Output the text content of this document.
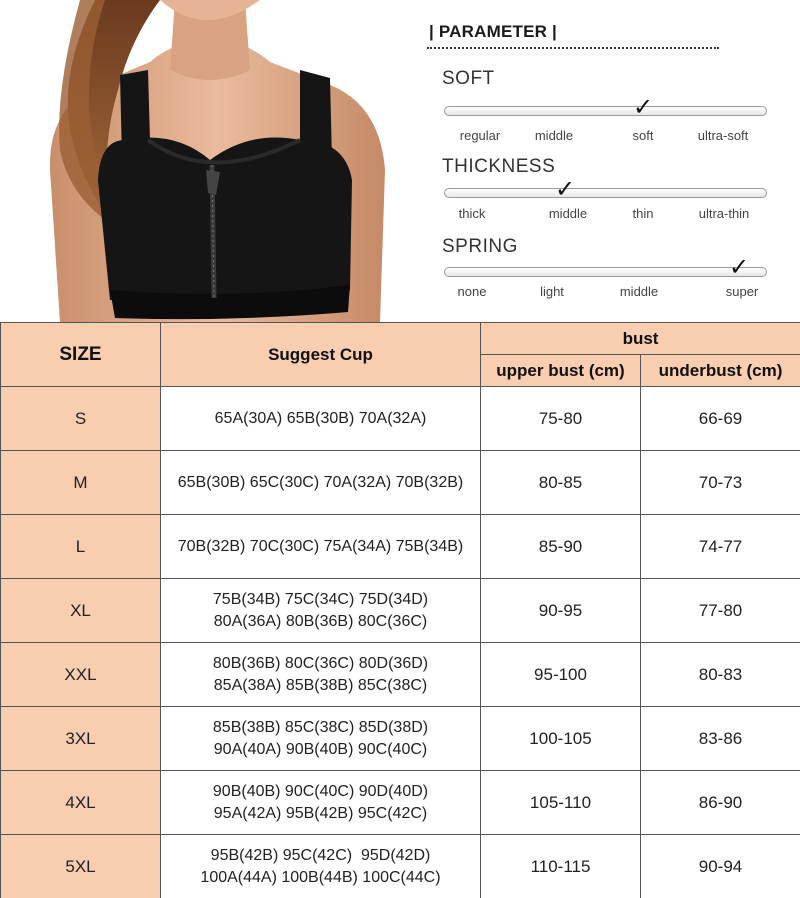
| PARAMETER |
SOFT
✓
regular	middle	soft	ultra-soft
THICKNESS
✓
thick	middle	thin	ultra-thin
SPRING
✓
none	light	middle	super
SIZE	Suggest Cup	bust	
		upper bust (cm)	underbust (cm)
S	65A(30A) 65B(30B) 70A(32A)	75-80	66-69
M	65B(30B) 65C(30C) 70A(32A) 70B(32B)	80-85	70-73
L	70B(32B) 70C(30C) 75A(34A) 75B(34B)	85-90	74-77
XL	75B(34B) 75C(34C) 75D(34D)
80A(36A) 80B(36B) 80C(36C)	90-95	77-80
XXL	80B(36B) 80C(36C) 80D(36D)
85A(38A) 85B(38B) 85C(38C)	95-100	80-83
3XL	85B(38B) 85C(38C) 85D(38D)
90A(40A) 90B(40B) 90C(40C)	100-105	83-86
4XL	90B(40B) 90C(40C) 90D(40D)
95A(42A) 95B(42B) 95C(42C)	105-110	86-90
5XL	95B(42B) 95C(42C)  95D(42D)
100A(44A) 100B(44B) 100C(44C)	110-115	90-94
